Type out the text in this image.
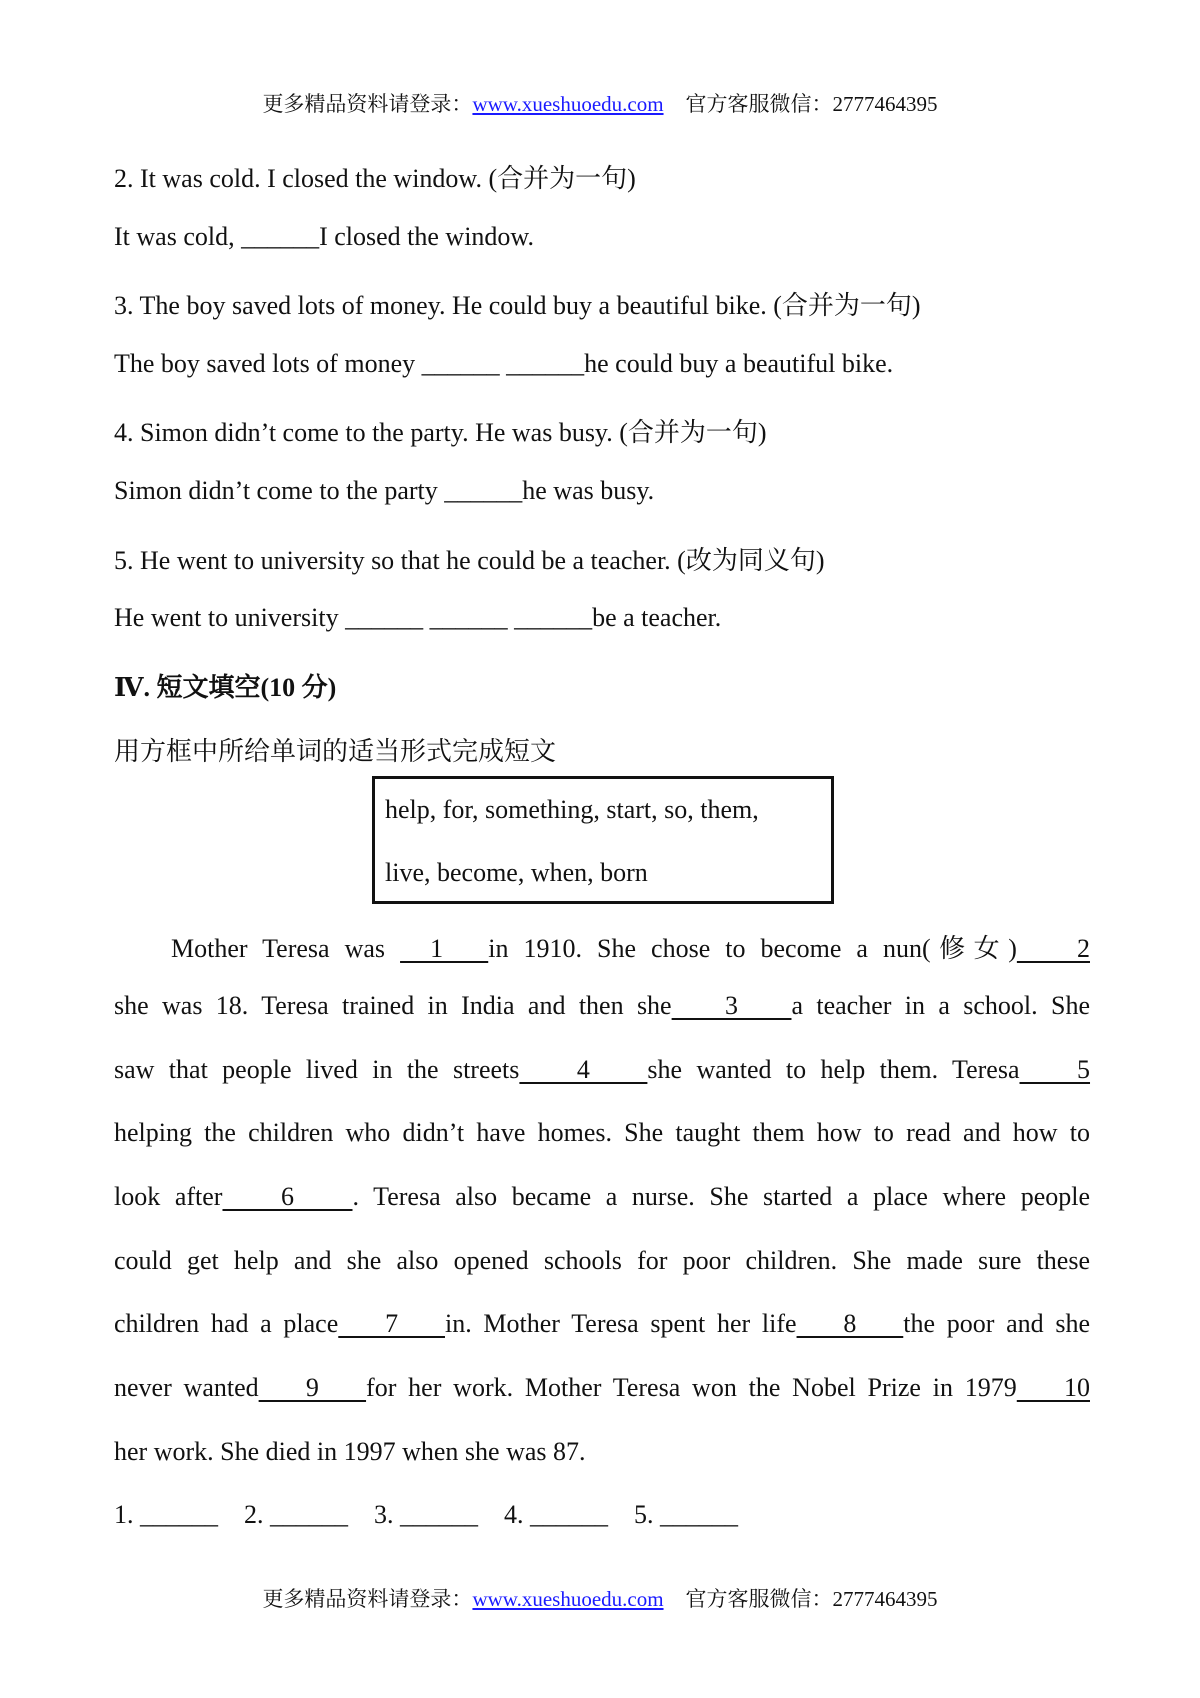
更多精品资料请登录：www.xueshuoedu.com 官方客服微信：2777464395
2. It was cold. I closed the window. (合并为一句)
It was cold, ______I closed the window.
3. The boy saved lots of money. He could buy a beautiful bike. (合并为一句)
The boy saved lots of money ______ ______he could buy a beautiful bike.
4. Simon didn’t come to the party. He was busy. (合并为一句)
Simon didn’t come to the party ______he was busy.
5. He went to university so that he could be a teacher. (改为同义句)
He went to university ______ ______ ______be a teacher.
Ⅳ. 短文填空(10 分)
用方框中所给单词的适当形式完成短文
help, for, something, start, so, them,
live, become, when, born
Mother Teresa was   1   in 1910. She chose to become a nun(修女)    2
she was 18. Teresa trained in India and then she    3    a teacher in a school. She
saw that people lived in the streets    4    she wanted to help them. Teresa    5
helping the children who didn’t have homes. She taught them how to read and how to
look after    6    . Teresa also became a nurse. She started a place where people
could get help and she also opened schools for poor children. She made sure these
children had a place    7    in. Mother Teresa spent her life    8    the poor and she
never wanted    9    for her work. Mother Teresa won the Nobel Prize in 1979    10
her work. She died in 1997 when she was 87.
1. ______    2. ______    3. ______    4. ______    5. ______
更多精品资料请登录：www.xueshuoedu.com 官方客服微信：2777464395
